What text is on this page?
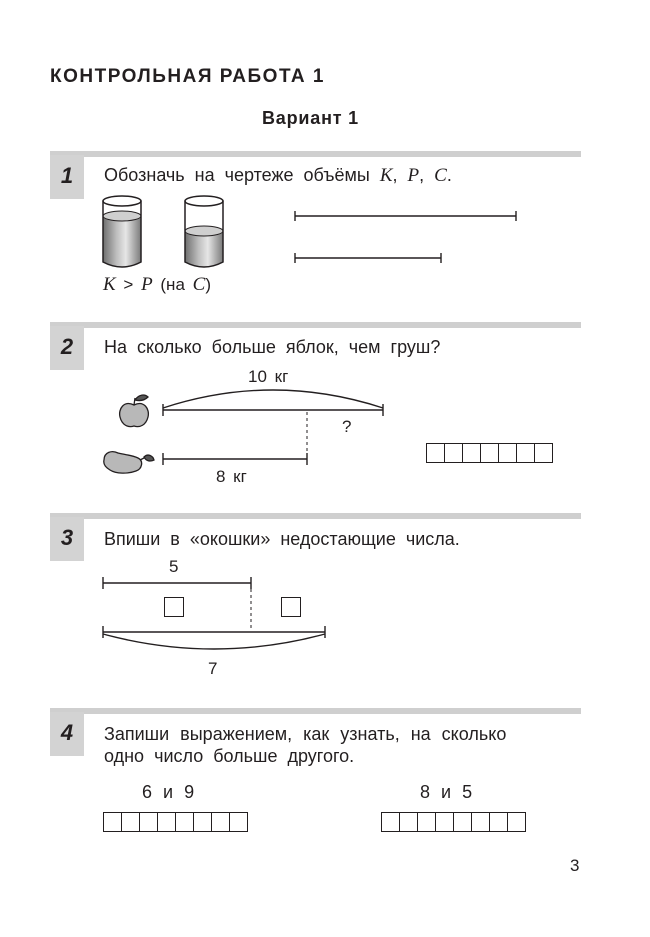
КОНТРОЛЬНАЯ РАБОТА 1
Вариант 1
1	Обозначь на чертеже объёмы K, P, C.
K > P (на C)
2	На сколько больше яблок, чем груш?
10 кг
?
8 кг
3	Впиши в «окошки» недостающие числа.
5
7
4	Запиши выражением, как узнать, на сколько
одно число больше другого.
6 и 9	8 и 5
3
